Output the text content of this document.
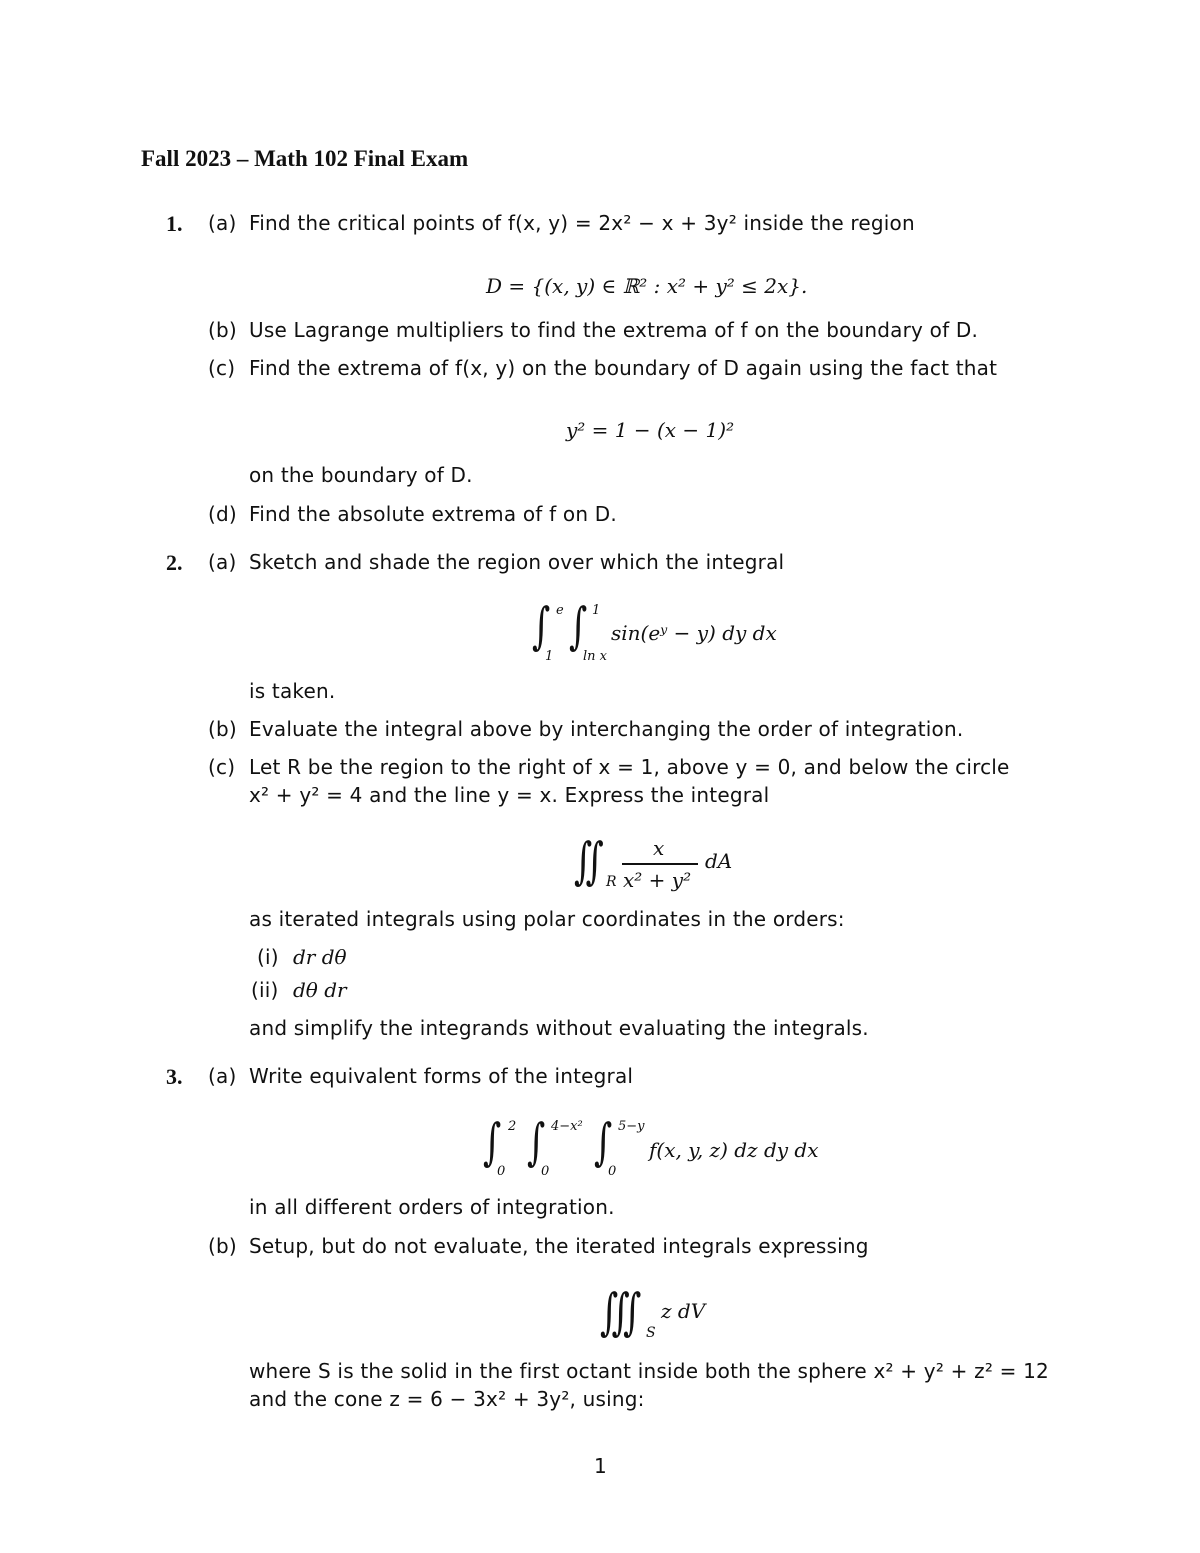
Fall 2023 – Math 102 Final Exam
1. (a) Find the critical points of f(x, y) = 2x² − x + 3y² inside the region
D = {(x, y) ∈ ℝ² : x² + y² ≤ 2x}.
(b) Use Lagrange multipliers to find the extrema of f on the boundary of D.
(c) Find the extrema of f(x, y) on the boundary of D again using the fact that
y² = 1 − (x − 1)²
on the boundary of D.
(d) Find the absolute extrema of f on D.
2. (a) Sketch and shade the region over which the integral
∫ e
1
∫ 1
ln x
sin(eʸ − y) dy dx
is taken.
(b) Evaluate the integral above by interchanging the order of integration.
(c) Let R be the region to the right of x = 1, above y = 0, and below the circle
x² + y² = 4 and the line y = x. Express the integral
∬ R
x
x² + y²
dA
as iterated integrals using polar coordinates in the orders:
(i) dr dθ
(ii) dθ dr
and simplify the integrands without evaluating the integrals.
3. (a) Write equivalent forms of the integral
∫ 2
0
∫ 4−x²
0
∫ 5−y
0
f(x, y, z) dz dy dx
in all different orders of integration.
(b) Setup, but do not evaluate, the iterated integrals expressing
∭ S
z dV
where S is the solid in the first octant inside both the sphere x² + y² + z² = 12
and the cone z = 6 − 3x² + 3y², using:
1
